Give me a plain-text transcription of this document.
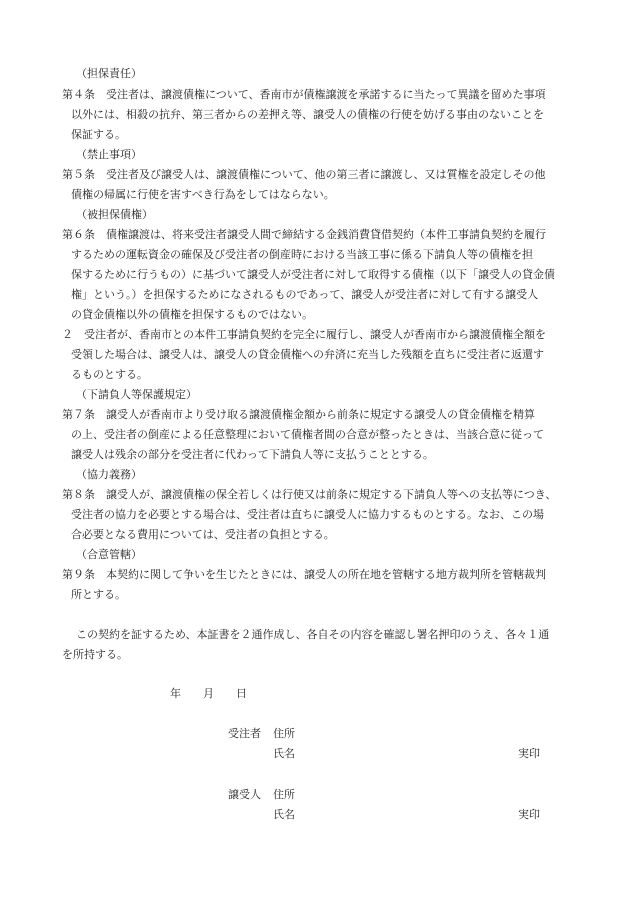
（担保責任）
第４条　受注者は、譲渡債権について、香南市が債権譲渡を承諾するに当たって異議を留めた事項
以外には、相殺の抗弁、第三者からの差押え等、譲受人の債権の行使を妨げる事由のないことを
保証する。
（禁止事項）
第５条　受注者及び譲受人は、譲渡債権について、他の第三者に譲渡し、又は質権を設定しその他
債権の帰属に行使を害すべき行為をしてはならない。
（被担保債権）
第６条　債権譲渡は、将来受注者譲受人間で締結する金銭消費貸借契約（本件工事請負契約を履行
するための運転資金の確保及び受注者の倒産時における当該工事に係る下請負人等の債権を担
保するために行うもの）に基づいて譲受人が受注者に対して取得する債権（以下「譲受人の貸金債
権」という。）を担保するためになされるものであって、譲受人が受注者に対して有する譲受人
の貸金債権以外の債権を担保するものではない。
２　受注者が、香南市との本件工事請負契約を完全に履行し、譲受人が香南市から譲渡債権全額を
受領した場合は、譲受人は、譲受人の貸金債権への弁済に充当した残額を直ちに受注者に返還す
るものとする。
（下請負人等保護規定）
第７条　譲受人が香南市より受け取る譲渡債権金額から前条に規定する譲受人の貸金債権を精算
の上、受注者の倒産による任意整理において債権者間の合意が整ったときは、当該合意に従って
譲受人は残余の部分を受注者に代わって下請負人等に支払うこととする。
（協力義務）
第８条　譲受人が、譲渡債権の保全若しくは行使又は前条に規定する下請負人等への支払等につき、
受注者の協力を必要とする場合は、受注者は直ちに譲受人に協力するものとする。なお、この場
合必要となる費用については、受注者の負担とする。
（合意管轄）
第９条　本契約に関して争いを生じたときには、譲受人の所在地を管轄する地方裁判所を管轄裁判
所とする。
この契約を証するため、本証書を２通作成し、各自その内容を確認し署名押印のうえ、各々１通
を所持する。
年　　月　　日
受注者 住所
氏名	実印
譲受人 住所
氏名	実印
